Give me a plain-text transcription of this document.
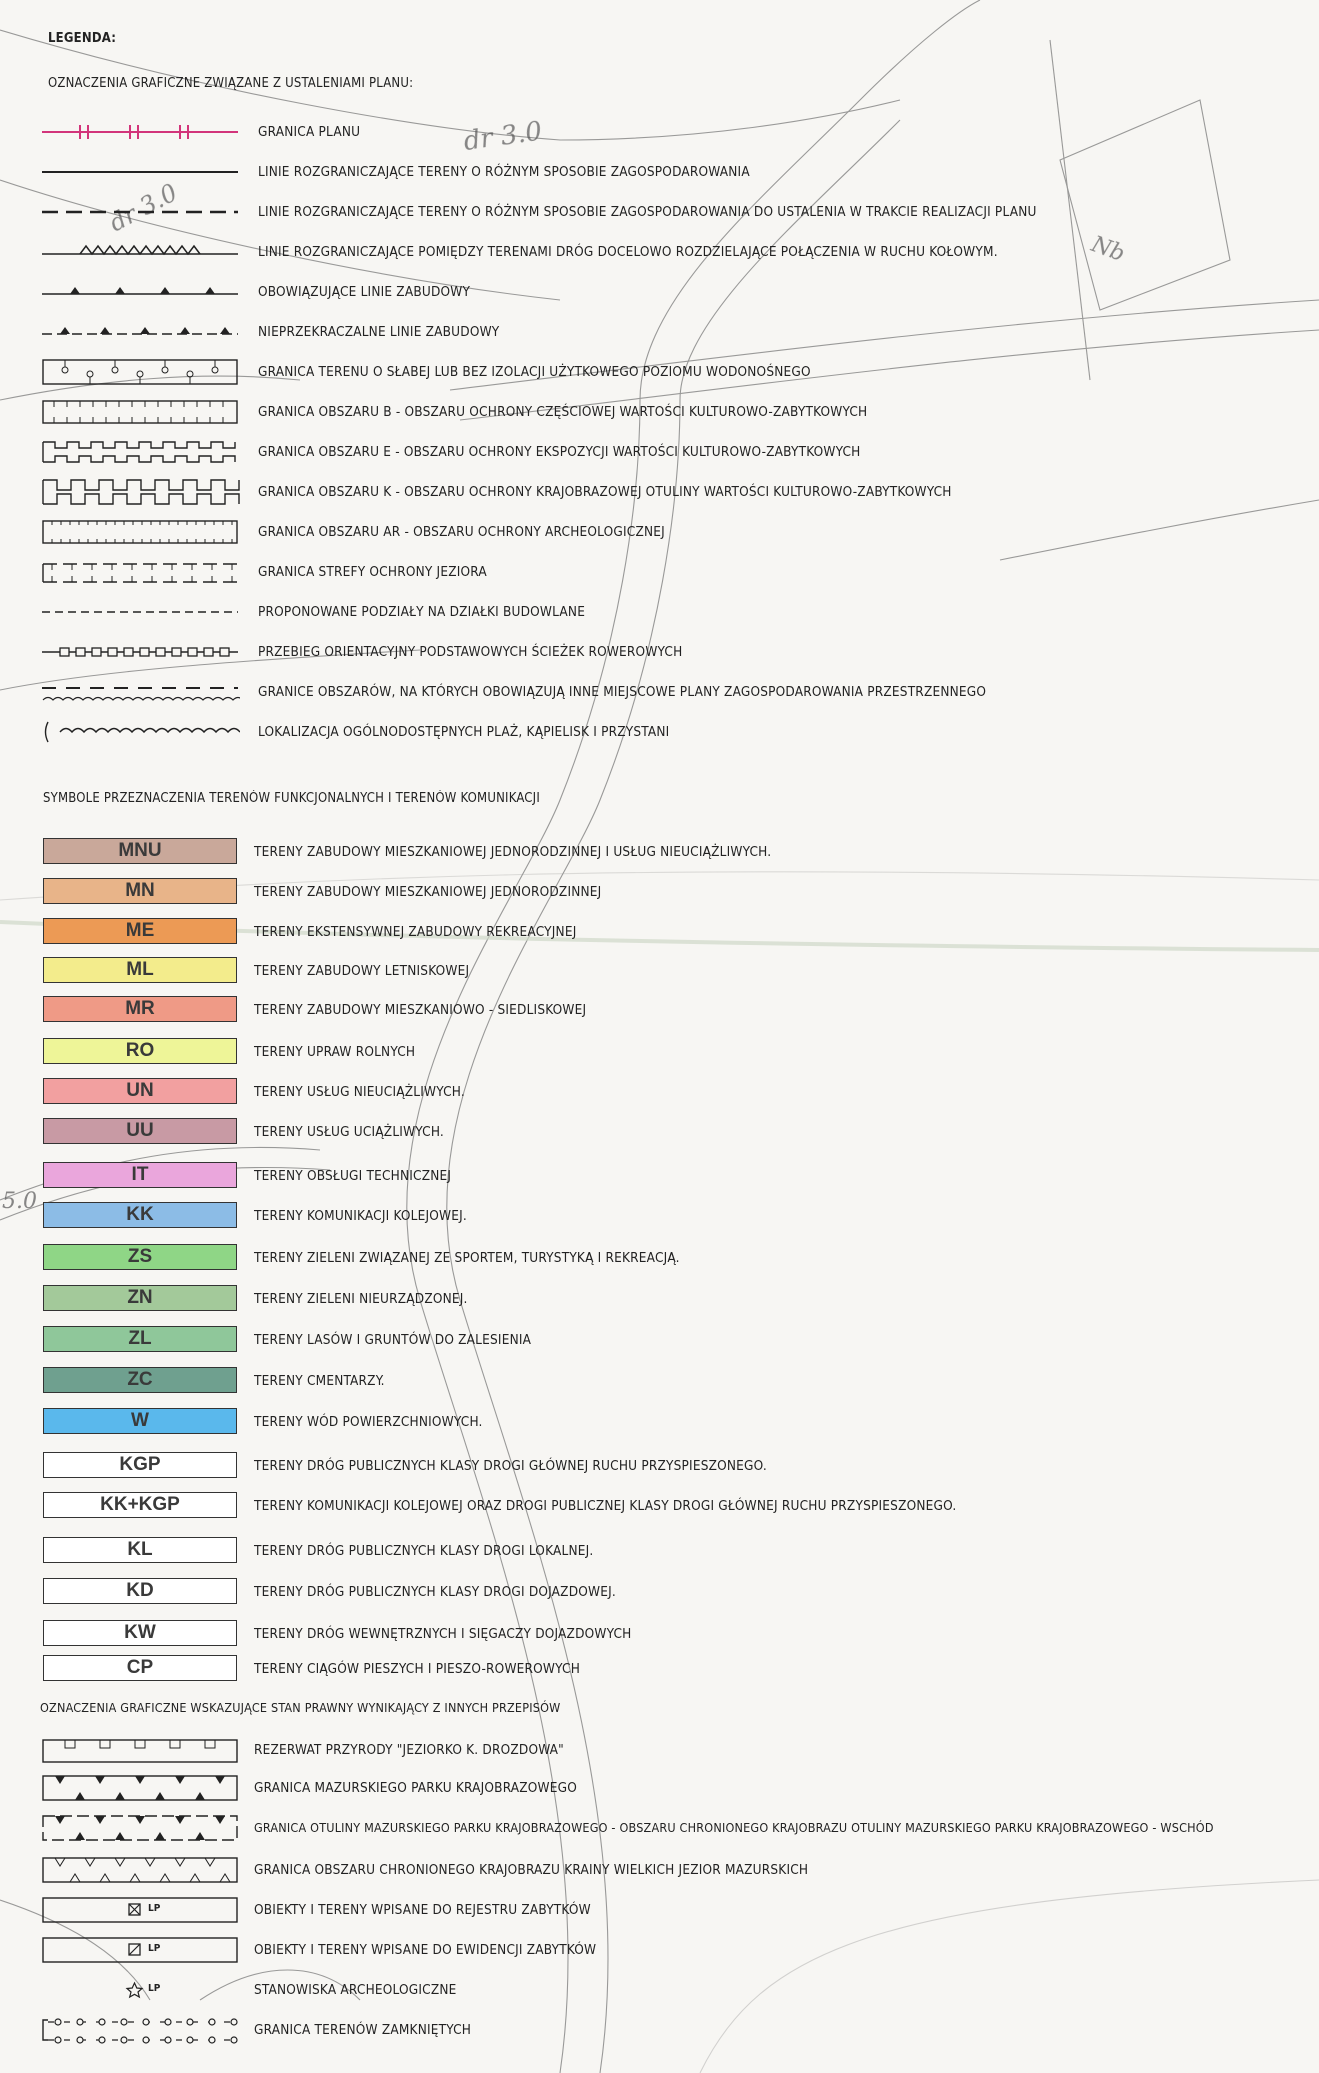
dr 3.0
dr 3.0
5.0
Nb
LEGENDA:
OZNACZENIA GRAFICZNE ZWIĄZANE Z USTALENIAMI PLANU:
GRANICA PLANU
LINIE ROZGRANICZAJĄCE TERENY O RÓŻNYM SPOSOBIE ZAGOSPODAROWANIA
LINIE ROZGRANICZAJĄCE TERENY O RÓŻNYM SPOSOBIE ZAGOSPODAROWANIA DO USTALENIA W TRAKCIE REALIZACJI PLANU
LINIE ROZGRANICZAJĄCE POMIĘDZY TERENAMI DRÓG DOCELOWO ROZDZIELAJĄCE POŁĄCZENIA W RUCHU KOŁOWYM.
OBOWIĄZUJĄCE LINIE ZABUDOWY
NIEPRZEKRACZALNE LINIE ZABUDOWY
GRANICA TERENU O SŁABEJ LUB BEZ IZOLACJI UŻYTKOWEGO POZIOMU WODONOŚNEGO
GRANICA OBSZARU B - OBSZARU OCHRONY CZĘŚCIOWEJ WARTOŚCI KULTUROWO-ZABYTKOWYCH
GRANICA OBSZARU E - OBSZARU OCHRONY EKSPOZYCJI WARTOŚCI KULTUROWO-ZABYTKOWYCH
GRANICA OBSZARU K - OBSZARU OCHRONY KRAJOBRAZOWEJ OTULINY WARTOŚCI KULTUROWO-ZABYTKOWYCH
GRANICA OBSZARU AR - OBSZARU OCHRONY ARCHEOLOGICZNEJ
GRANICA STREFY OCHRONY JEZIORA
PROPONOWANE PODZIAŁY NA DZIAŁKI BUDOWLANE
PRZEBIEG ORIENTACYJNY PODSTAWOWYCH ŚCIEŻEK ROWEROWYCH
GRANICE OBSZARÓW, NA KTÓRYCH OBOWIĄZUJĄ INNE MIEJSCOWE PLANY ZAGOSPODAROWANIA PRZESTRZENNEGO
LOKALIZACJA OGÓLNODOSTĘPNYCH PLAŻ, KĄPIELISK I PRZYSTANI
SYMBOLE PRZEZNACZENIA TERENÓW FUNKCJONALNYCH I TERENÓW KOMUNIKACJI
MNU	TERENY ZABUDOWY MIESZKANIOWEJ JEDNORODZINNEJ I USŁUG NIEUCIĄŻLIWYCH.
MN	TERENY ZABUDOWY MIESZKANIOWEJ JEDNORODZINNEJ
ME	TERENY EKSTENSYWNEJ ZABUDOWY REKREACYJNEJ
ML	TERENY ZABUDOWY LETNISKOWEJ
MR	TERENY ZABUDOWY MIESZKANIOWO - SIEDLISKOWEJ
RO	TERENY UPRAW ROLNYCH
UN	TERENY USŁUG NIEUCIĄŻLIWYCH.
UU	TERENY USŁUG UCIĄŻLIWYCH.
IT	TERENY OBSŁUGI TECHNICZNEJ
KK	TERENY KOMUNIKACJI KOLEJOWEJ.
ZS	TERENY ZIELENI ZWIĄZANEJ ZE SPORTEM, TURYSTYKĄ I REKREACJĄ.
ZN	TERENY ZIELENI NIEURZĄDZONEJ.
ZL	TERENY LASÓW I GRUNTÓW DO ZALESIENIA
ZC	TERENY CMENTARZY.
W	TERENY WÓD POWIERZCHNIOWYCH.
KGP	TERENY DRÓG PUBLICZNYCH KLASY DROGI GŁÓWNEJ RUCHU PRZYSPIESZONEGO.
KK+KGP	TERENY KOMUNIKACJI KOLEJOWEJ ORAZ DROGI PUBLICZNEJ KLASY DROGI GŁÓWNEJ RUCHU PRZYSPIESZONEGO.
KL	TERENY DRÓG PUBLICZNYCH KLASY DROGI LOKALNEJ.
KD	TERENY DRÓG PUBLICZNYCH KLASY DROGI DOJAZDOWEJ.
KW	TERENY DRÓG WEWNĘTRZNYCH I SIĘGACZY DOJAZDOWYCH
CP	TERENY CIĄGÓW PIESZYCH I PIESZO-ROWEROWYCH
OZNACZENIA GRAFICZNE WSKAZUJĄCE STAN PRAWNY WYNIKAJĄCY Z INNYCH PRZEPISÓW
REZERWAT PRZYRODY "JEZIORKO K. DROZDOWA"
GRANICA MAZURSKIEGO PARKU KRAJOBRAZOWEGO
GRANICA OTULINY MAZURSKIEGO PARKU KRAJOBRAZOWEGO - OBSZARU CHRONIONEGO KRAJOBRAZU OTULINY MAZURSKIEGO PARKU KRAJOBRAZOWEGO - WSCHÓD
GRANICA OBSZARU CHRONIONEGO KRAJOBRAZU KRAINY WIELKICH JEZIOR MAZURSKICH
LP	OBIEKTY I TERENY WPISANE DO REJESTRU ZABYTKÓW
LP	OBIEKTY I TERENY WPISANE DO EWIDENCJI ZABYTKÓW
LP	STANOWISKA ARCHEOLOGICZNE
GRANICA TERENÓW ZAMKNIĘTYCH
